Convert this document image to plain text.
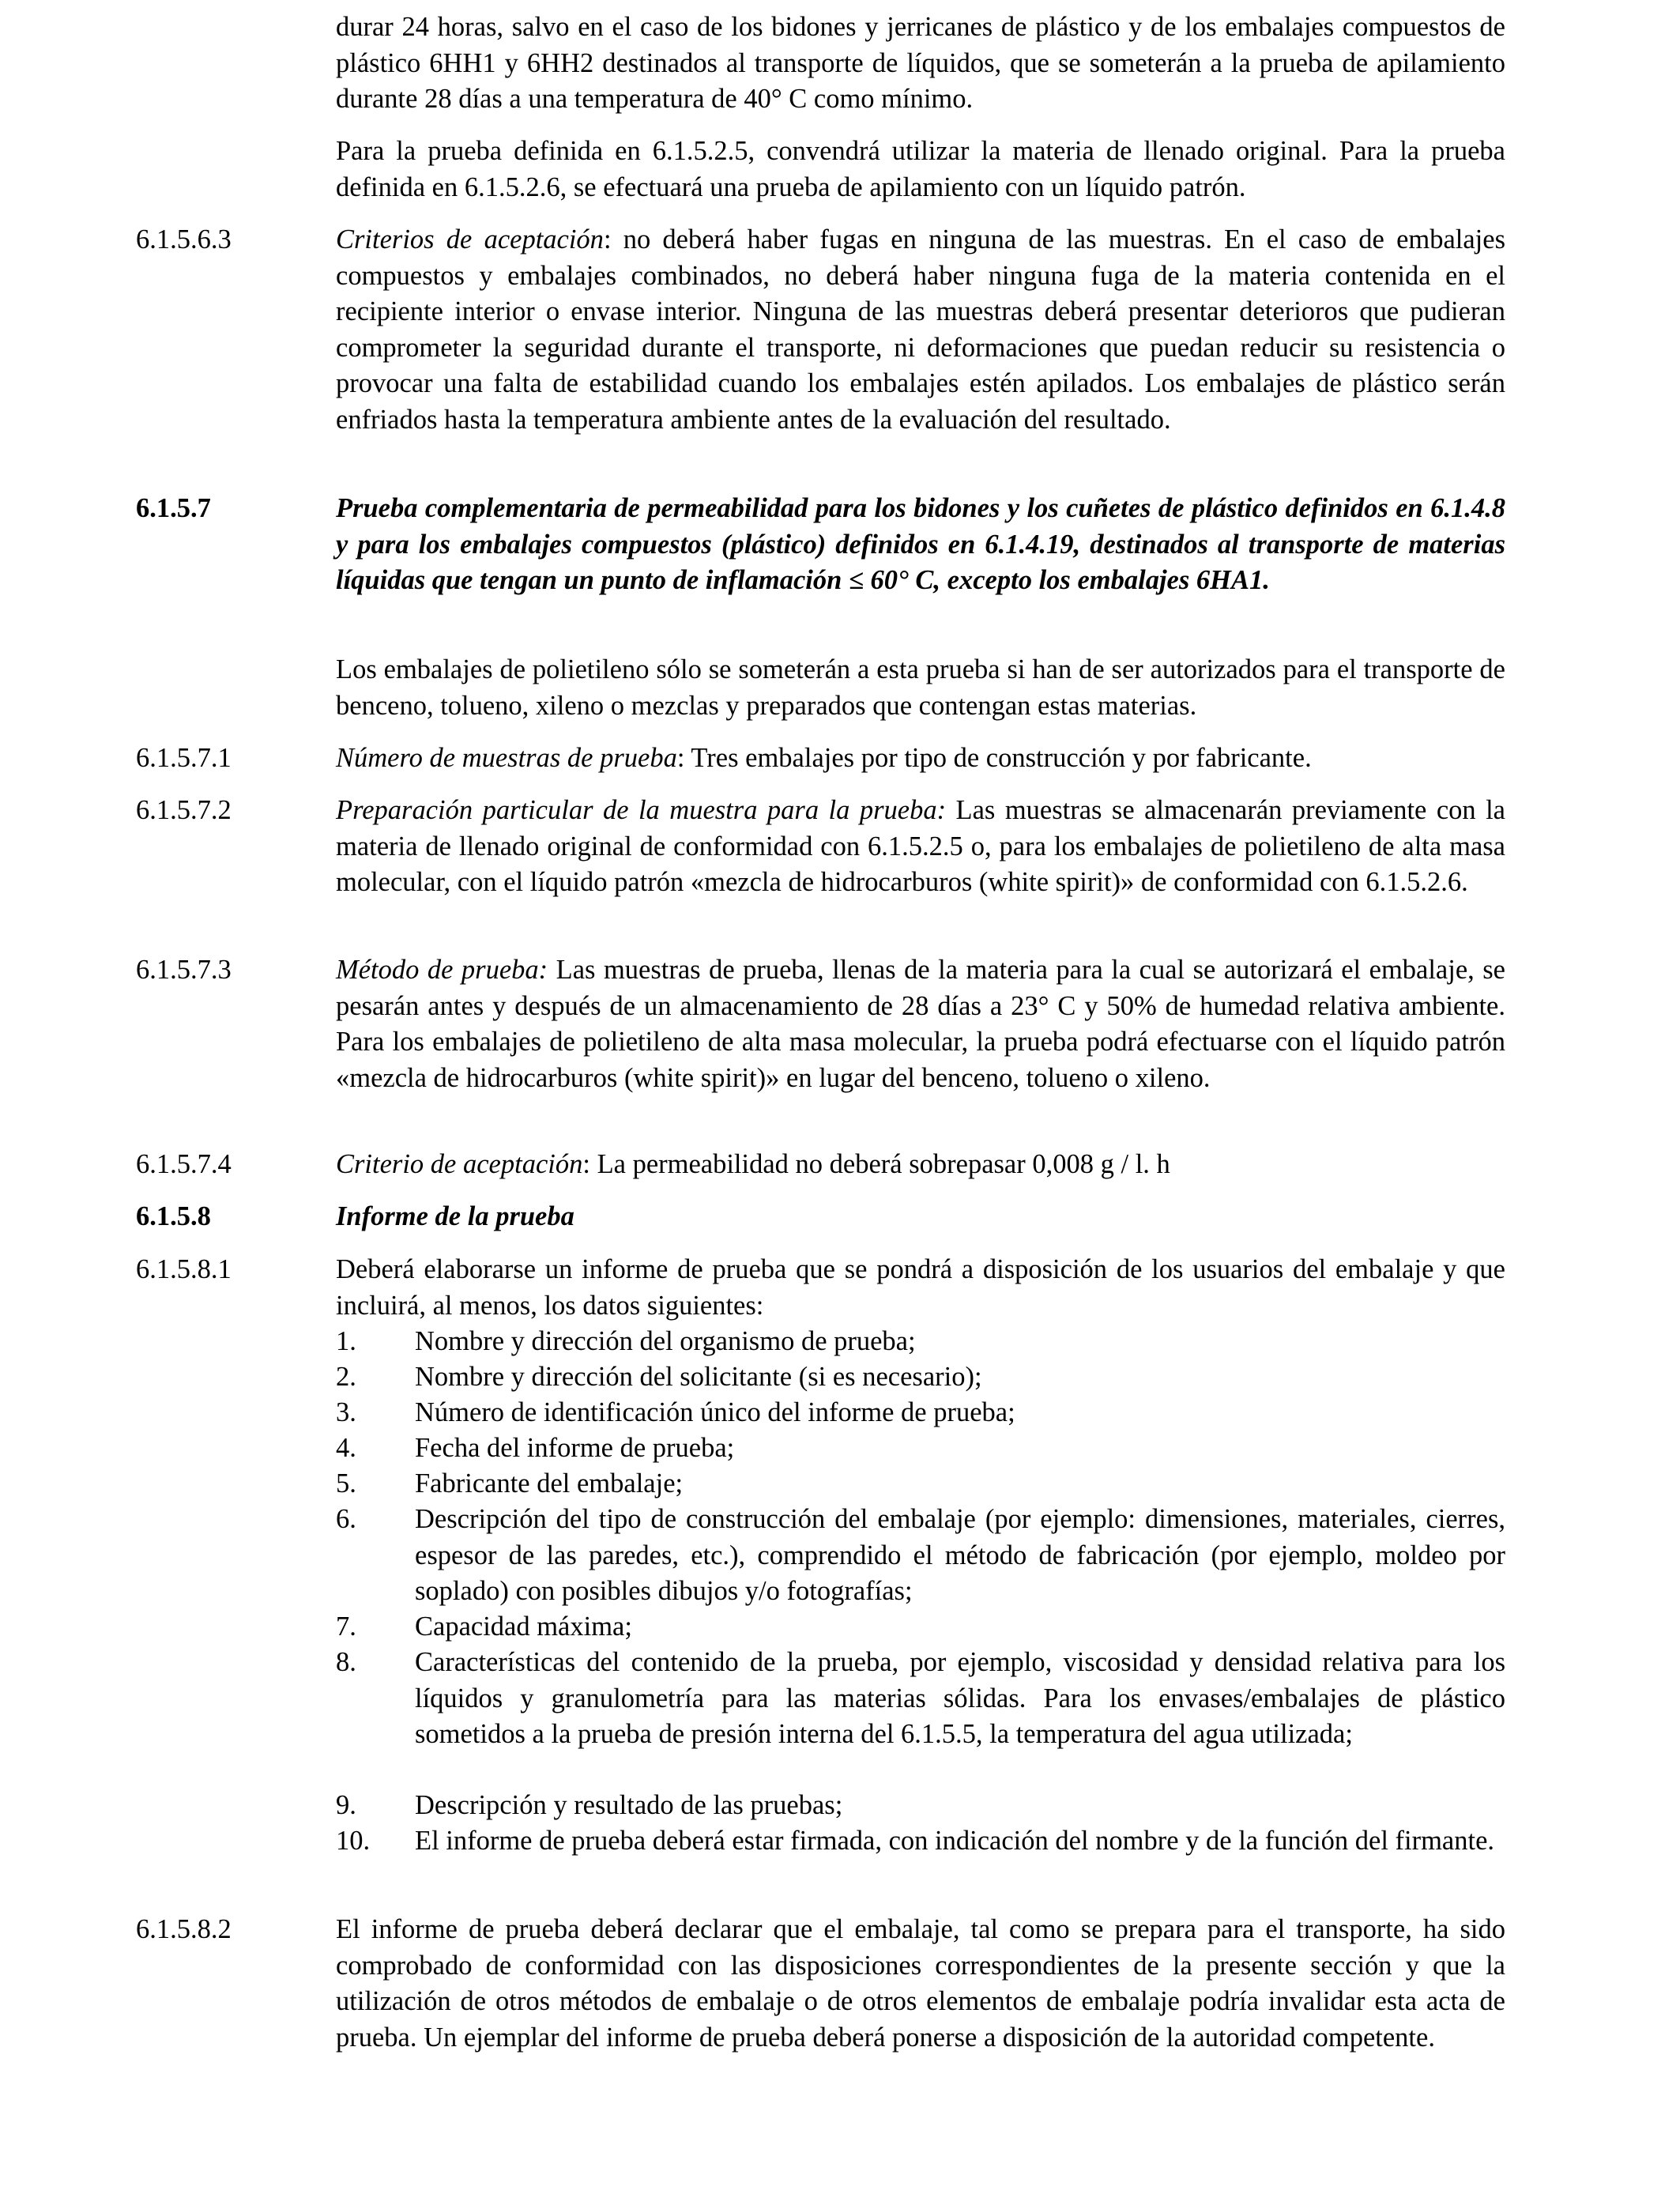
durar 24 horas, salvo en el caso de los bidones y jerricanes de plástico y de los embalajes compuestos de plástico 6HH1 y 6HH2 destinados al transporte de líquidos, que se someterán a la prueba de apilamiento durante 28 días a una temperatura de 40° C como mínimo.
Para la prueba definida en 6.1.5.2.5, convendrá utilizar la materia de llenado original. Para la prueba definida en 6.1.5.2.6, se efectuará una prueba de apilamiento con un líquido patrón.
6.1.5.6.3	Criterios de aceptación: no deberá haber fugas en ninguna de las muestras. En el caso de embalajes compuestos y embalajes combinados, no deberá haber ninguna fuga de la materia contenida en el recipiente interior o envase interior. Ninguna de las muestras deberá presentar deterioros que pudieran comprometer la seguridad durante el transporte, ni deformaciones que puedan reducir su resistencia o provocar una falta de estabilidad cuando los embalajes estén apilados. Los embalajes de plástico serán enfriados hasta la temperatura ambiente antes de la evaluación del resultado.
6.1.5.7	Prueba complementaria de permeabilidad para los bidones y los cuñetes de plástico definidos en 6.1.4.8 y para los embalajes compuestos (plástico) definidos en 6.1.4.19, destinados al transporte de materias líquidas que tengan un punto de inflamación ≤ 60° C, excepto los embalajes 6HA1.
Los embalajes de polietileno sólo se someterán a esta prueba si han de ser autorizados para el transporte de benceno, tolueno, xileno o mezclas y preparados que contengan estas materias.
6.1.5.7.1	Número de muestras de prueba: Tres embalajes por tipo de construcción y por fabricante.
6.1.5.7.2	Preparación particular de la muestra para la prueba: Las muestras se almacenarán previamente con la materia de llenado original de conformidad con 6.1.5.2.5 o, para los embalajes de polietileno de alta masa molecular, con el líquido patrón «mezcla de hidrocarburos (white spirit)» de conformidad con 6.1.5.2.6.
6.1.5.7.3	Método de prueba: Las muestras de prueba, llenas de la materia para la cual se autorizará el embalaje, se pesarán antes y después de un almacenamiento de 28 días a 23° C y 50% de humedad relativa ambiente. Para los embalajes de polietileno de alta masa molecular, la prueba podrá efectuarse con el líquido patrón «mezcla de hidrocarburos (white spirit)» en lugar del benceno, tolueno o xileno.
6.1.5.7.4	Criterio de aceptación: La permeabilidad no deberá sobrepasar 0,008 g / l. h
6.1.5.8	Informe de la prueba
6.1.5.8.1	Deberá elaborarse un informe de prueba que se pondrá a disposición de los usuarios del embalaje y que incluirá, al menos, los datos siguientes:
1. Nombre y dirección del organismo de prueba;
2. Nombre y dirección del solicitante (si es necesario);
3. Número de identificación único del informe de prueba;
4. Fecha del informe de prueba;
5. Fabricante del embalaje;
6. Descripción del tipo de construcción del embalaje (por ejemplo: dimensiones, materiales, cierres, espesor de las paredes, etc.), comprendido el método de fabricación (por ejemplo, moldeo por soplado) con posibles dibujos y/o fotografías;
7. Capacidad máxima;
8. Características del contenido de la prueba, por ejemplo, viscosidad y densidad relativa para los líquidos y granulometría para las materias sólidas. Para los envases/embalajes de plástico sometidos a la prueba de presión interna del 6.1.5.5, la temperatura del agua utilizada;
9. Descripción y resultado de las pruebas;
10. El informe de prueba deberá estar firmada, con indicación del nombre y de la función del firmante.
6.1.5.8.2	El informe de prueba deberá declarar que el embalaje, tal como se prepara para el transporte, ha sido comprobado de conformidad con las disposiciones correspondientes de la presente sección y que la utilización de otros métodos de embalaje o de otros elementos de embalaje podría invalidar esta acta de prueba. Un ejemplar del informe de prueba deberá ponerse a disposición de la autoridad competente.
